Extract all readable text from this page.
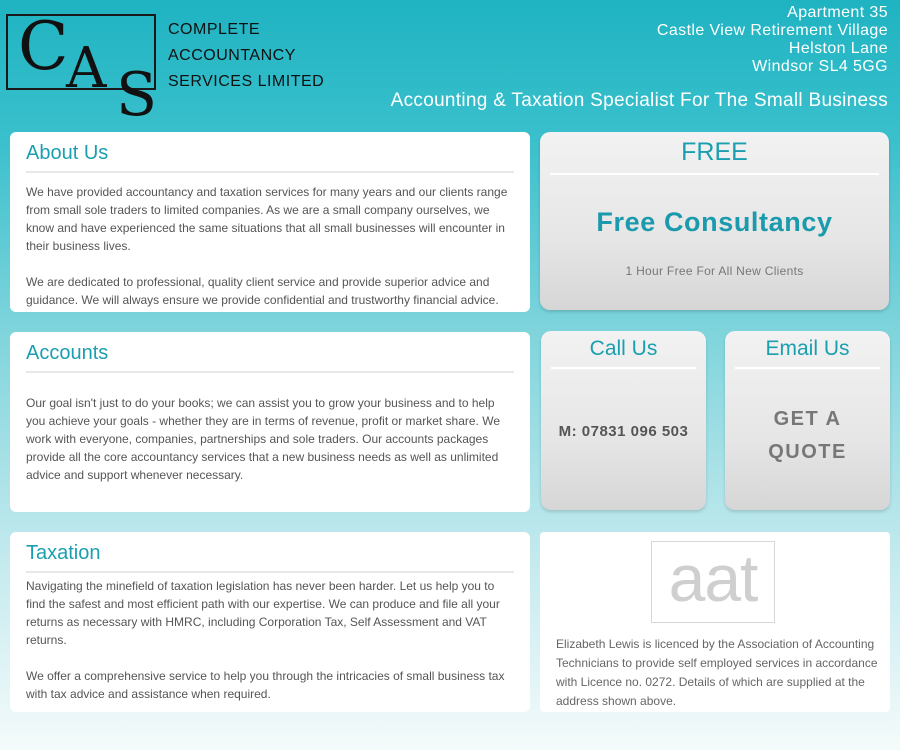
C
A S
COMPLETE
ACCOUNTANCY
SERVICES LIMITED
Apartment 35
Castle View Retirement Village
Helston Lane
Windsor SL4 5GG
Accounting & Taxation Specialist For The Small Business
About Us

We have provided accountancy and taxation services for many years and our clients range from small sole traders to limited companies. As we are a small company ourselves, we know and have experienced the same situations that all small businesses will encounter in their business lives.

We are dedicated to professional, quality client service and provide superior advice and guidance. We will always ensure we provide confidential and trustworthy financial advice.

FREE
Free Consultancy
1 Hour Free For All New Clients
Accounts

Our goal isn't just to do your books; we can assist you to grow your business and to help you achieve your goals - whether they are in terms of revenue, profit or market share. We work with everyone, companies, partnerships and sole traders. Our accounts packages provide all the core accountancy services that a new business needs as well as unlimited advice and support whenever necessary.

Call Us
M: 07831 096 503
Email Us
GET A QUOTE
Taxation

Navigating the minefield of taxation legislation has never been harder. Let us help you to find the safest and most efficient path with our expertise. We can produce and file all your returns as necessary with HMRC, including Corporation Tax, Self Assessment and VAT returns.

We offer a comprehensive service to help you through the intricacies of small business tax with tax advice and assistance when required.

aat
Elizabeth Lewis is licenced by the Association of Accounting Technicians to provide self employed services in accordance with Licence no. 0272. Details of which are supplied at the address shown above.
